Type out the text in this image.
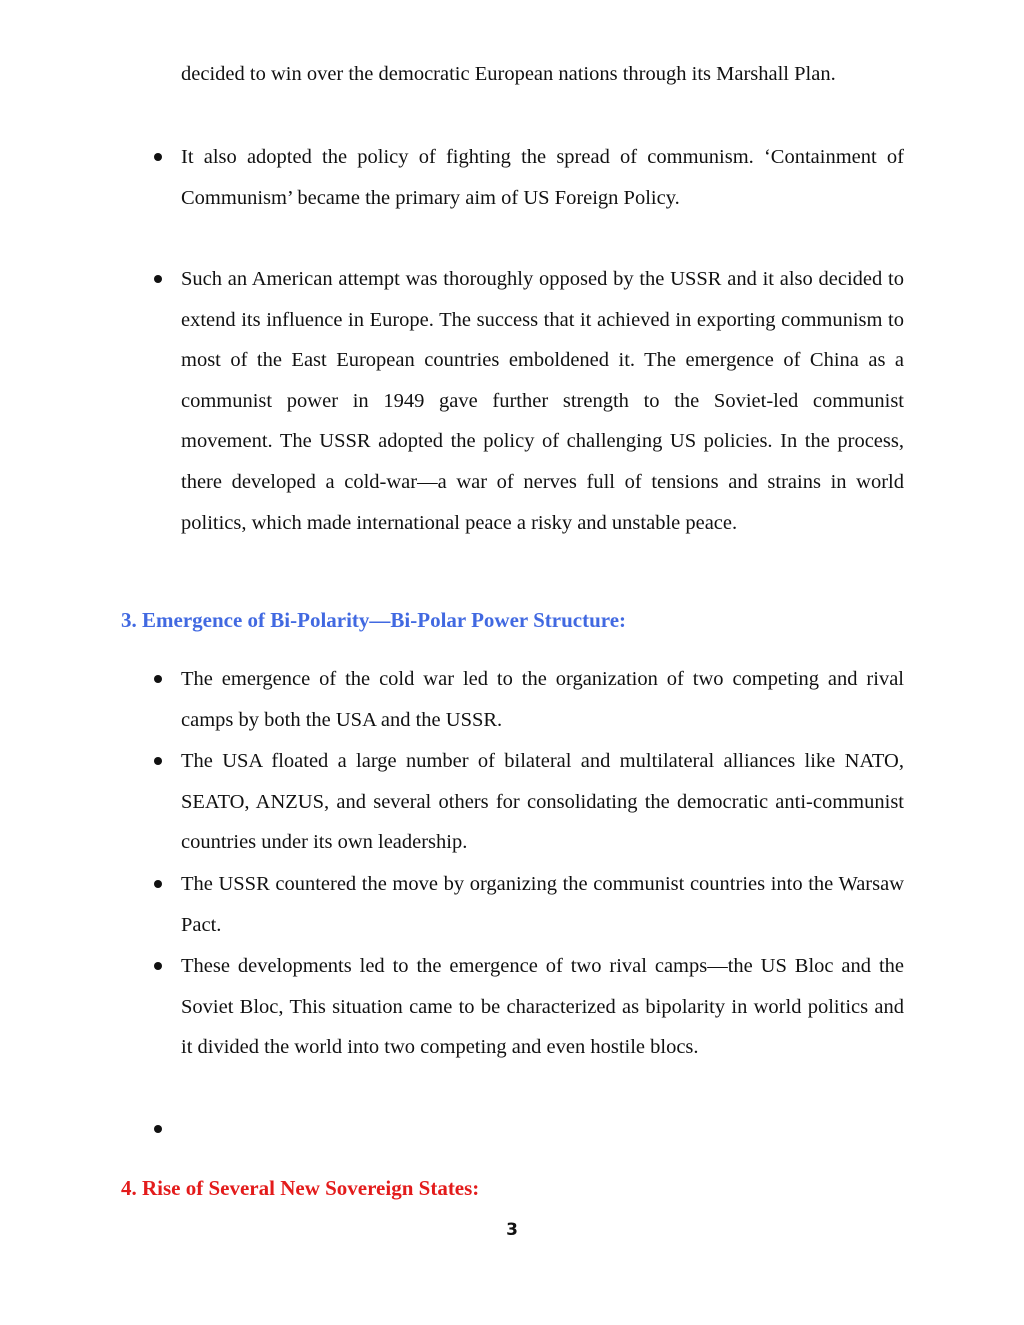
decided to win over the democratic European nations through its Marshall Plan.

It also adopted the policy of fighting the spread of communism. ‘Containment of Communism’ became the primary aim of US Foreign Policy.

Such an American attempt was thoroughly opposed by the USSR and it also decided to extend its influence in Europe. The success that it achieved in exporting communism to most of the East European countries emboldened it. The emergence of China as a communist power in 1949 gave further strength to the Soviet-led communist movement. The USSR adopted the policy of challenging US policies. In the process, there developed a cold-war—a war of nerves full of tensions and strains in world politics, which made international peace a risky and unstable peace.

3. Emergence of Bi-Polarity—Bi-Polar Power Structure:

The emergence of the cold war led to the organization of two competing and rival camps by both the USA and the USSR.

The USA floated a large number of bilateral and multilateral alliances like NATO, SEATO, ANZUS, and several others for consolidating the democratic anti-communist countries under its own leadership.

The USSR countered the move by organizing the communist countries into the Warsaw Pact.

These developments led to the emergence of two rival camps—the US Bloc and the Soviet Bloc, This situation came to be characterized as bipolarity in world politics and it divided the world into two competing and even hostile blocs.

4. Rise of Several New Sovereign States:
3
